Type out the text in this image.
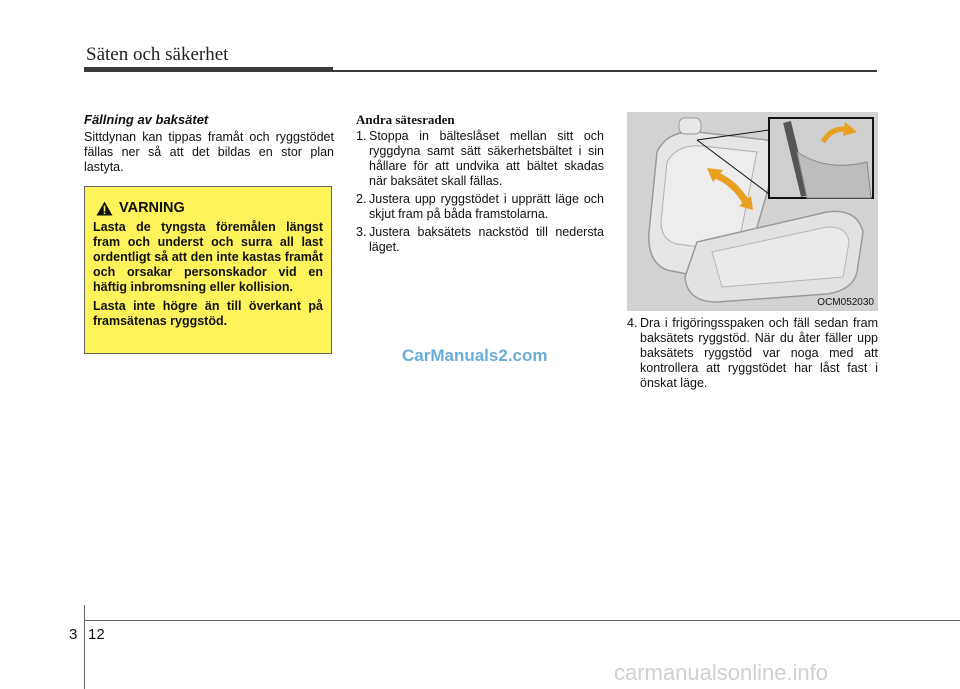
Säten och säkerhet
Fällning av baksätet
Sittdynan kan tippas framåt och ryggstödet fällas ner så att det bildas en stor plan lastyta.
VARNING
Lasta de tyngsta föremålen längst fram och underst och surra all last ordentligt så att den inte kastas framåt och orsakar personskador vid en häftig inbromsning eller kollision.
Lasta inte högre än till överkant på framsätenas ryggstöd.
Andra sätesraden
1. Stoppa in bälteslåset mellan sitt och ryggdyna samt sätt säkerhetsbältet i sin hållare för att undvika att bältet skadas när baksätet skall fällas.
2. Justera upp ryggstödet i upprätt läge och skjut fram på båda framstolarna.
3. Justera baksätets nackstöd till nedersta läget.
OCM052030
4. Dra i frigöringsspaken och fäll sedan fram baksätets ryggstöd. När du åter fäller upp baksätets ryggstöd var noga med att kontrollera att ryggstödet har låst fast i önskat läge.
CarManuals2.com
3 12
carmanualsonline.info
